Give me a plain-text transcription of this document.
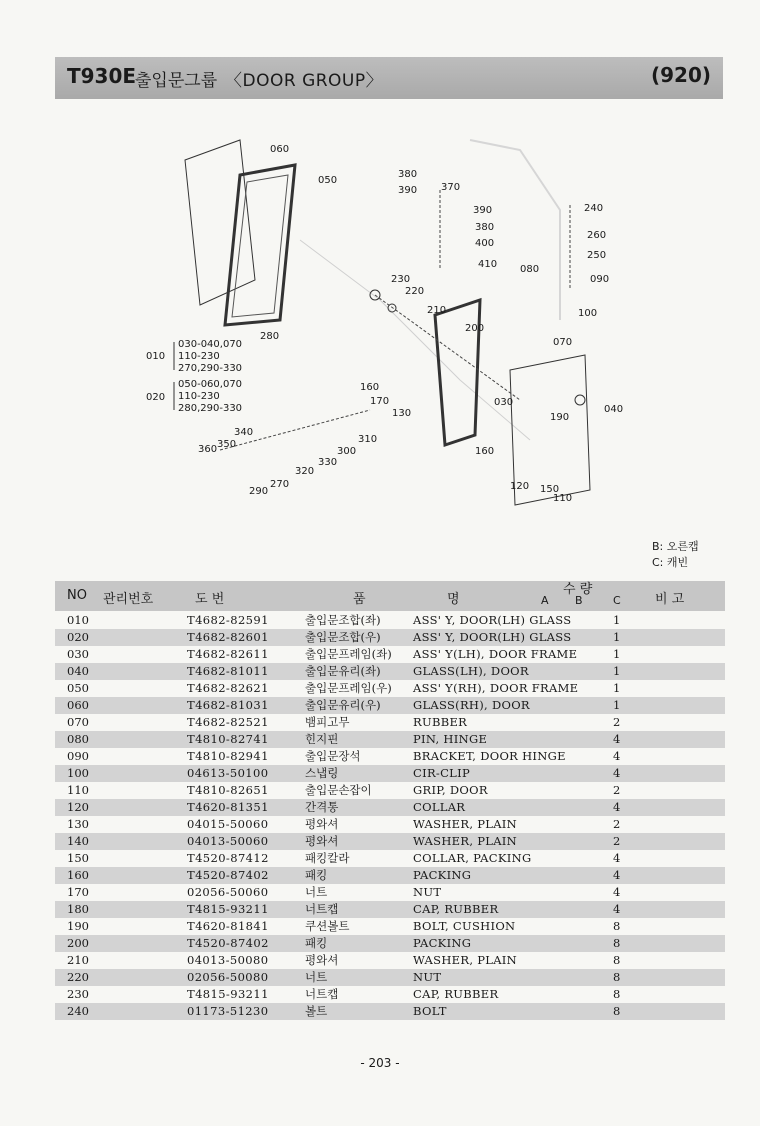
T930E
출입문그룹 〈DOOR GROUP〉	(920)
060
050
380
390 370
390
380
400
410
240
260
250
090
080
230
220
210
200
100
280
070
160
170
130
030
190
040
340
350
360
310
300
330
320
270
290
160
120 150
110
010
030-040,070
110-230
270,290-330
020
050-060,070
110-230
280,290-330
B: 오른캡
C: 캐빈
NO 관리번호	도 번	품	명
수 량
A B	C	비 고
010	T4682-82591	출입문조합(좌)	ASS' Y, DOOR(LH) GLASS	1
020	T4682-82601	출입문조합(우)	ASS' Y, DOOR(LH) GLASS	1
030	T4682-82611	출입문프레임(좌) ASS' Y(LH), DOOR FRAME	1
040	T4682-81011	출입문유리(좌)	GLASS(LH), DOOR	1
050	T4682-82621	출입문프레임(우) ASS' Y(RH), DOOR FRAME	1
060	T4682-81031	출입문유리(우)	GLASS(RH), DOOR	1
070	T4682-82521	뱀피고무	RUBBER	2
080	T4810-82741	힌지핀	PIN, HINGE	4
090	T4810-82941	출입문장석	BRACKET, DOOR HINGE	4
100	04613-50100	스냅링	CIR-CLIP	4
110	T4810-82651	출입문손잡이	GRIP, DOOR	2
120	T4620-81351	간격통	COLLAR	4
130	04015-50060	평와셔	WASHER, PLAIN	2
140	04013-50060	평와셔	WASHER, PLAIN	2
150	T4520-87412	패킹칼라	COLLAR, PACKING	4
160	T4520-87402	패킹	PACKING	4
170	02056-50060	너트	NUT	4
180	T4815-93211	너트캡	CAP, RUBBER	4
190	T4620-81841	쿠션볼트	BOLT, CUSHION	8
200	T4520-87402	패킹	PACKING	8
210	04013-50080	평와셔	WASHER, PLAIN	8
220	02056-50080	너트	NUT	8
230	T4815-93211	너트캡	CAP, RUBBER	8
240	01173-51230	볼트	BOLT	8
- 203 -
